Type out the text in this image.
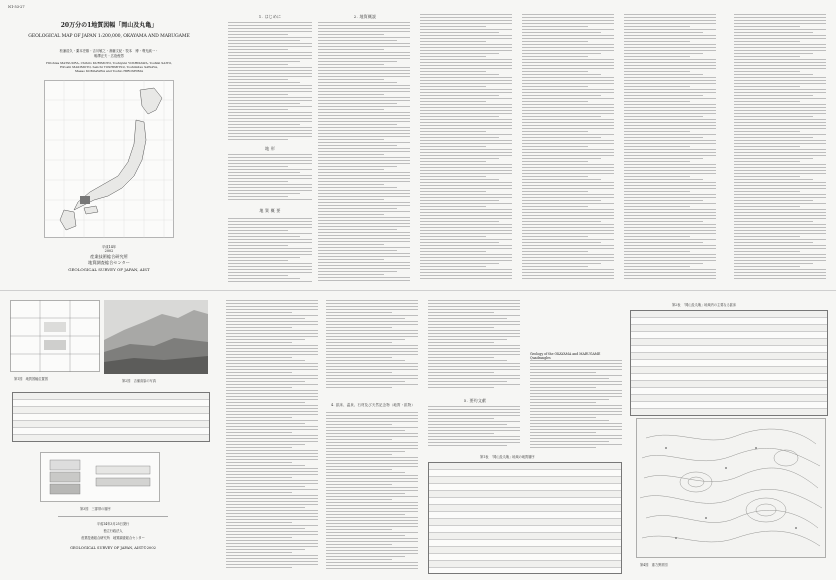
N1-53-27
20万分の1地質図幅「岡山及丸亀」
GEOLOGICAL MAP OF JAPAN 1:200,000, OKAYAMA AND MARUGAME
松浦浩久・栗本史雄・吉川敏之・斎藤文紀・牧本　博・利光誠一・
駒澤正夫・広島俊男
Hirohisa MATSUURA, Chihiro KURIMOTO, Toshiyuki YOSHIKAWA, Yoshiki SAITO,
Hiroshi MAKIMOTO, Seiichi TOSHIMITSU, Toshimitsu SAWAYA,
Masao KOMAZAWA and Toshio HIROSHIMA
平成14年
2002
産業技術総合研究所
地質調査総合センター
GEOLOGICAL SURVEY OF JAPAN, AIST
1. はじめに
地 形
地 質 概 要
2. 地質概説
第1図　地質図幅位置図	第2図　吉備高原の写真
第3図　三郡帯の層序
平成14年3月25日発行
独立行政法人
産業技術総合研究所　地質調査総合センター
GEOLOGICAL SURVEY OF JAPAN, AIST©2002
4. 鉱床、温泉、石材及び天然記念物（地質・鉱物）
5. 要約文献
Geology of the OKAYAMA and MARUGAME Quadrangles
第1表　「岡山及丸亀」地域の地質層序
第2表　「岡山及丸亀」地域内の主要なる鉱床
第4図　重力異常図
